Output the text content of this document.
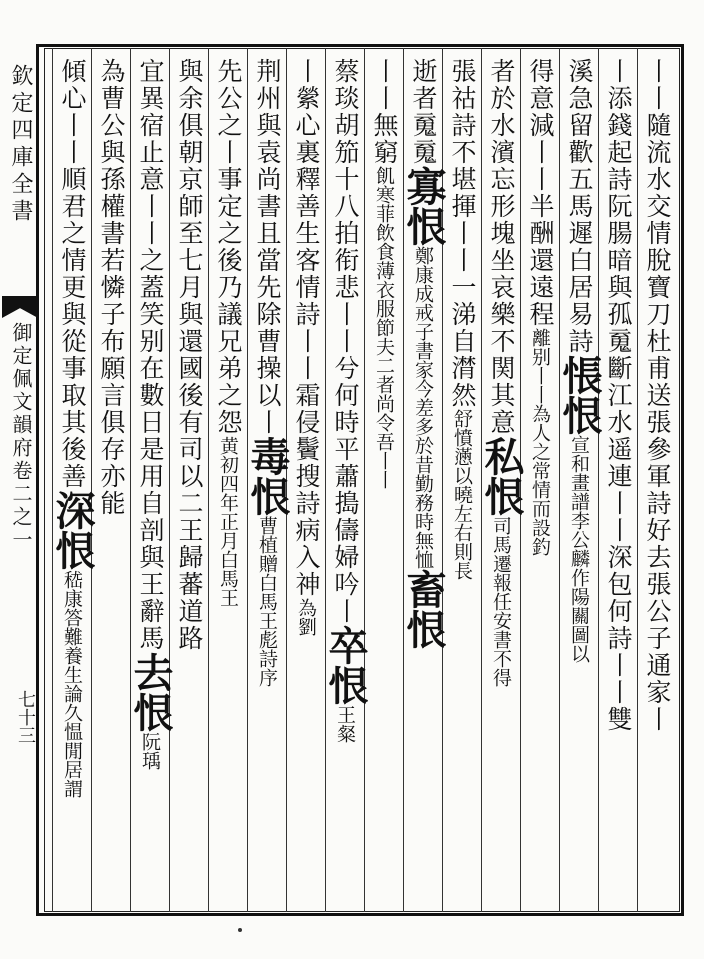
欽定四庫全書
御定佩文韻府卷二之一
七十三	丨丨隨流水交情脫寶刀杜甫送張參軍詩好去張公子通家丨
丨添錢起詩阮腸暗與孤䰟斷江水遥連丨丨深包何詩丨丨雙
溪急留歡五馬遲白居易詩悵恨宣和畫譜李公麟作陽關圖以
得意減丨丨半酬還遠程離别丨丨為人之常情而設釣
者於水濱忘形塊坐哀樂不関其意私恨司馬遷報任安書不得
張祜詩不堪揮丨丨一涕自潸然舒憤懣以曉左右則長
逝者䰟䰟寡恨鄭康成戒子書家今差多於昔勤務時無恤畜恨
丨丨無窮飢寒菲飲食薄衣服節夫二者尚令吾丨丨
蔡琰胡笳十八拍衔悲丨丨兮何時平蕭搗儔婦吟丨卒恨王粲
丨縈心裏釋善生客情詩丨丨霜侵鬢搜詩病入神為劉
荆州與袁尚書且當先除曹操以丨毒恨曹植贈白馬王彪詩序
先公之丨事定之後乃議兄弟之怨黄初四年正月白馬王
與余俱朝京師至七月與還國後有司以二王歸蕃道路
宜異宿止意丨丨之蓋笑别在數日是用自剖與王辭馬去恨阮瑀
為曹公與孫權書若憐子布願言俱存亦能
傾心丨丨順君之情更與從事取其後善深恨嵇康答難養生論久愠閒居謂
